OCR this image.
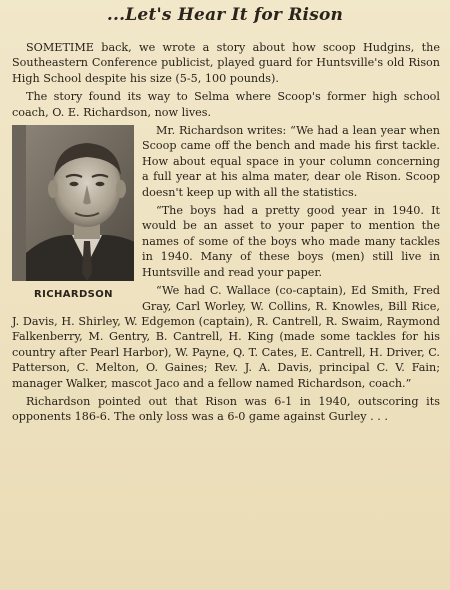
...Let's Hear It for Rison

SOMETIME back, we wrote a story about how scoop Hudgins, the Southeastern Conference publicist, played guard for Huntsville's old Rison High School despite his size (5-5, 100 pounds).

The story found its way to Selma where Scoop's former high school coach, O. E. Richardson, now lives.

RICHARDSON
Mr. Richardson writes: “We had a lean year when Scoop came off the bench and made his first tackle. How about equal space in your column concerning a full year at his alma mater, dear ole Rison. Scoop doesn't keep up with all the statistics.

“The boys had a pretty good year in 1940. It would be an asset to your paper to mention the names of some of the boys who made many tackles in 1940. Many of these boys (men) still live in Huntsville and read your paper.

“We had C. Wallace (co-captain), Ed Smith, Fred Gray, Carl Worley, W. Collins, R. Knowles, Bill Rice, J. Davis, H. Shirley, W. Edgemon (captain), R. Cantrell, R. Swaim, Raymond Falkenberry, M. Gentry, B. Cantrell, H. King (made some tackles for his country after Pearl Harbor), W. Payne, Q. T. Cates, E. Cantrell, H. Driver, C. Patterson, C. Melton, O. Gaines; Rev. J. A. Davis, principal C. V. Fain; manager Walker, mascot Jaco and a fellow named Richardson, coach.”

Richardson pointed out that Rison was 6-1 in 1940, outscoring its opponents 186-6. The only loss was a 6-0 game against Gurley . . .
